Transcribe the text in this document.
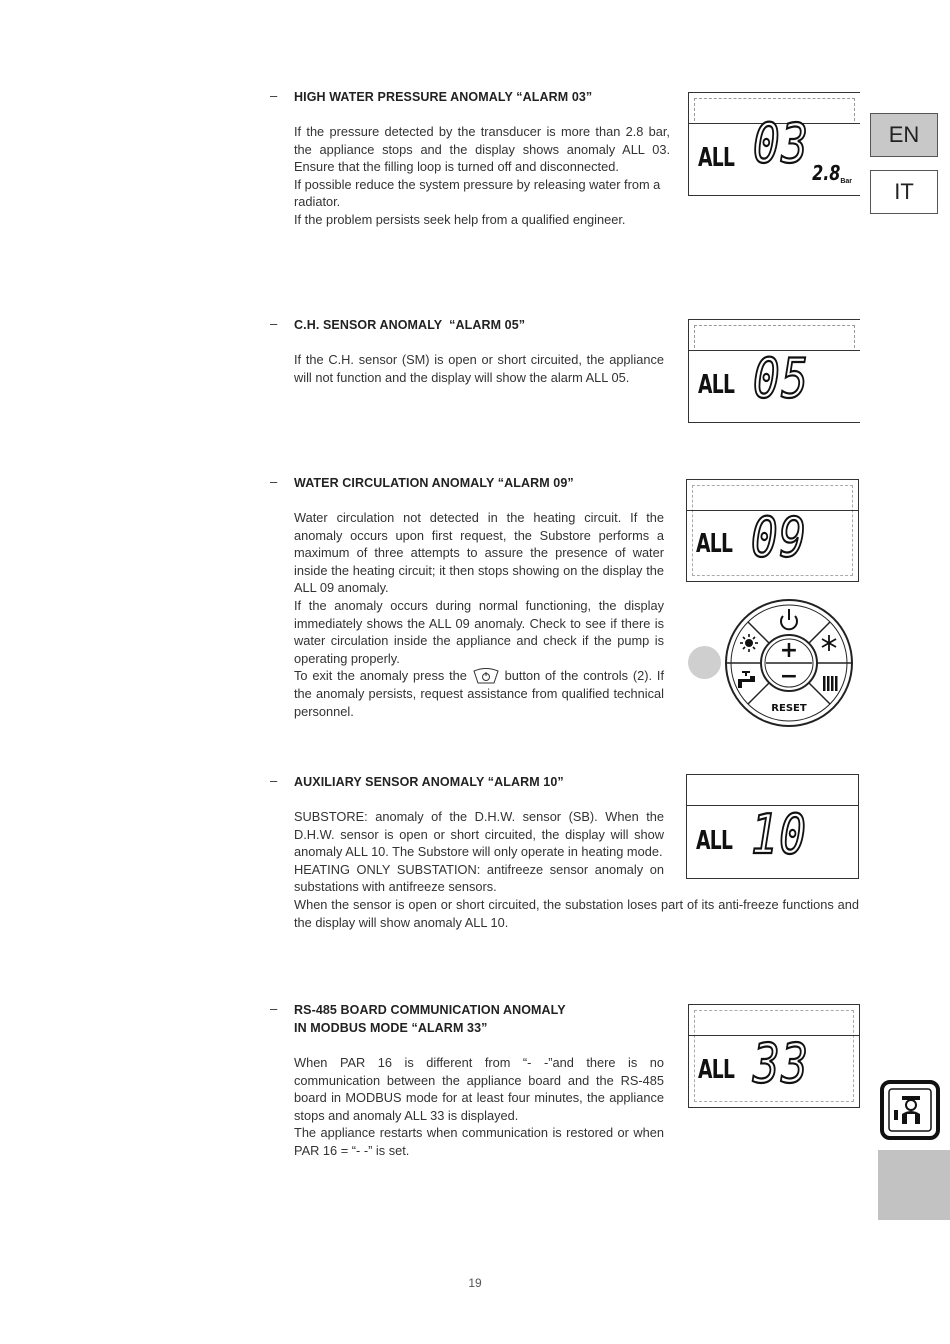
– HIGH WATER PRESSURE ANOMALY “ALARM 03”

If the pressure detected by the transducer is more than 2.8 bar, the appliance stops and the display shows anomaly ALL 03. Ensure that the filling loop is turned off and disconnected.

If possible reduce the system pressure by releasing water from a radiator.

If the problem persists seek help from a qualified engineer.

ALL 03 2.8 Bar
– C.H. SENSOR ANOMALY  “ALARM 05”

If the C.H. sensor (SM) is open or short circuited, the appliance will not function and the display will show the alarm ALL 05.	ALL 05
– WATER CIRCULATION ANOMALY “ALARM 09”

Water circulation not detected in the heating circuit. If the anomaly occurs upon first request, the Substore performs a maximum of three attempts to assure the presence of water inside the heating circuit; it then stops showing on the display the ALL 09 anomaly.

If the anomaly occurs during normal functioning, the display immediately shows the ALL 09 anomaly. Check to see if there is water circulation inside the appliance and check if the pump is operating properly.

To exit the anomaly press the	button of the controls (2). If the anomaly persists, request assistance from qualified technical personnel.

ALL 09
+
−
RESET
– AUXILIARY SENSOR ANOMALY “ALARM 10”

SUBSTORE: anomaly of the D.H.W. sensor (SB). When the D.H.W. sensor is open or short circuited, the display will show anomaly ALL 10. The Substore will only operate in heating mode.

HEATING ONLY SUBSTATION: antifreeze sensor anomaly on substations with antifreeze sensors.

When the sensor is open or short circuited, the substation loses part of its anti-freeze functions and the display will show anomaly ALL 10.

ALL 10
– RS-485 BOARD COMMUNICATION ANOMALY
IN MODBUS MODE “ALARM 33”

When PAR 16 is different from “- -”and there is no communication between the appliance board and the RS-485 board in MODBUS mode for at least four minutes, the appliance stops and anomaly ALL 33 is displayed.

The appliance restarts when communication is restored or when PAR 16 = “- -” is set.

ALL 33
EN
IT
19
